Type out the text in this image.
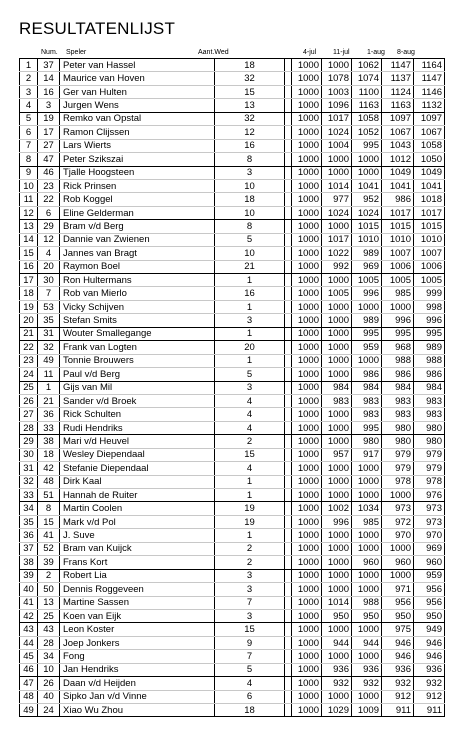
RESULTATENLIJST
Num. Speler	Aant.Wed	4-jul 11-jul 1-aug 8-aug
1	37	Peter van Hassel	18		1000	1000	1062	1147	1164
2	14	Maurice van Hoven	32		1000	1078	1074	1137	1147
3	16	Ger van Hulten	15		1000	1003	1100	1124	1146
4	3	Jurgen Wens	13		1000	1096	1163	1163	1132
5	19	Remko van Opstal	32		1000	1017	1058	1097	1097
6	17	Ramon Clijssen	12		1000	1024	1052	1067	1067
7	27	Lars Wierts	16		1000	1004	995	1043	1058
8	47	Peter Szikszai	8		1000	1000	1000	1012	1050
9	46	Tjalle Hoogsteen	3		1000	1000	1000	1049	1049
10	23	Rick Prinsen	10		1000	1014	1041	1041	1041
11	22	Rob Koggel	18		1000	977	952	986	1018
12	6	Eline Gelderman	10		1000	1024	1024	1017	1017
13	29	Bram v/d Berg	8		1000	1000	1015	1015	1015
14	12	Dannie van Zwienen	5		1000	1017	1010	1010	1010
15	4	Jannes van Bragt	10		1000	1022	989	1007	1007
16	20	Raymon Boel	21		1000	992	969	1006	1006
17	30	Ron Hultermans	1		1000	1000	1005	1005	1005
18	7	Rob van Mierlo	16		1000	1005	996	985	999
19	53	Vicky Schijven	1		1000	1000	1000	1000	998
20	35	Stefan Smits	3		1000	1000	989	996	996
21	31	Wouter Smallegange	1		1000	1000	995	995	995
22	32	Frank van Logten	20		1000	1000	959	968	989
23	49	Tonnie Brouwers	1		1000	1000	1000	988	988
24	11	Paul v/d Berg	5		1000	1000	986	986	986
25	1	Gijs van Mil	3		1000	984	984	984	984
26	21	Sander v/d Broek	4		1000	983	983	983	983
27	36	Rick Schulten	4		1000	1000	983	983	983
28	33	Rudi Hendriks	4		1000	1000	995	980	980
29	38	Mari v/d Heuvel	2		1000	1000	980	980	980
30	18	Wesley Diependaal	15		1000	957	917	979	979
31	42	Stefanie Diependaal	4		1000	1000	1000	979	979
32	48	Dirk Kaal	1		1000	1000	1000	978	978
33	51	Hannah de Ruiter	1		1000	1000	1000	1000	976
34	8	Martin Coolen	19		1000	1002	1034	973	973
35	15	Mark v/d Pol	19		1000	996	985	972	973
36	41	J. Suve	1		1000	1000	1000	970	970
37	52	Bram van Kuijck	2		1000	1000	1000	1000	969
38	39	Frans Kort	2		1000	1000	960	960	960
39	2	Robert Lia	3		1000	1000	1000	1000	959
40	50	Dennis Roggeveen	3		1000	1000	1000	971	956
41	13	Martine Sassen	7		1000	1014	988	956	956
42	25	Koen van Eijk	3		1000	950	950	950	950
43	43	Leon Koster	15		1000	1000	1000	975	949
44	28	Joep Jonkers	9		1000	944	944	946	946
45	34	Fong	7		1000	1000	1000	946	946
46	10	Jan Hendriks	5		1000	936	936	936	936
47	26	Daan v/d Heijden	4		1000	932	932	932	932
48	40	Sipko Jan v/d Vinne	6		1000	1000	1000	912	912
49	24	Xiao Wu Zhou	18		1000	1029	1009	911	911
